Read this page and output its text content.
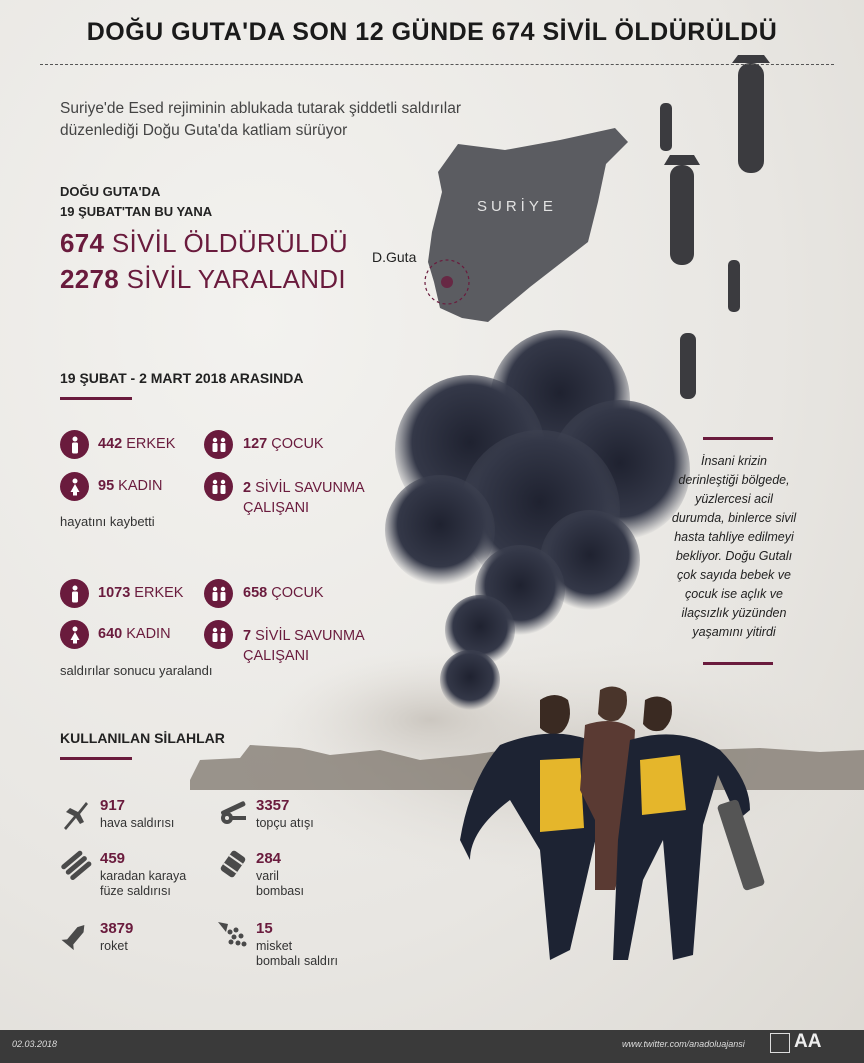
DOĞU GUTA'DA SON 12 GÜNDE 674 SİVİL ÖLDÜRÜLDÜ
Suriye'de Esed rejiminin ablukada tutarak şiddetli saldırılar düzenlediği Doğu Guta'da katliam sürüyor
SURİYE
D.Guta
DOĞU GUTA'DA
19 ŞUBAT'TAN BU YANA
674 SİVİL ÖLDÜRÜLDÜ
2278 SİVİL YARALANDI
19 ŞUBAT - 2 MART 2018 ARASINDA
442 ERKEK	127 ÇOCUK
95 KADIN	2 SİVİL SAVUNMA
ÇALIŞANI
hayatını kaybetti
1073 ERKEK	658 ÇOCUK
640 KADIN	7 SİVİL SAVUNMA
ÇALIŞANI
saldırılar sonucu yaralandı
KULLANILAN SİLAHLAR
917
hava saldırısı
3357
topçu atışı
459
karadan karaya
füze saldırısı
284
varil
bombası
3879
roket
15
misket
bombalı saldırı
İnsani krizin derinleştiği bölgede, yüzlercesi acil durumda, binlerce sivil hasta tahliye edilmeyi bekliyor. Doğu Gutalı çok sayıda bebek ve çocuk ise açlık ve ilaçsızlık yüzünden yaşamını yitirdi
02.03.2018	www.twitter.com/anadoluajansi	AA
